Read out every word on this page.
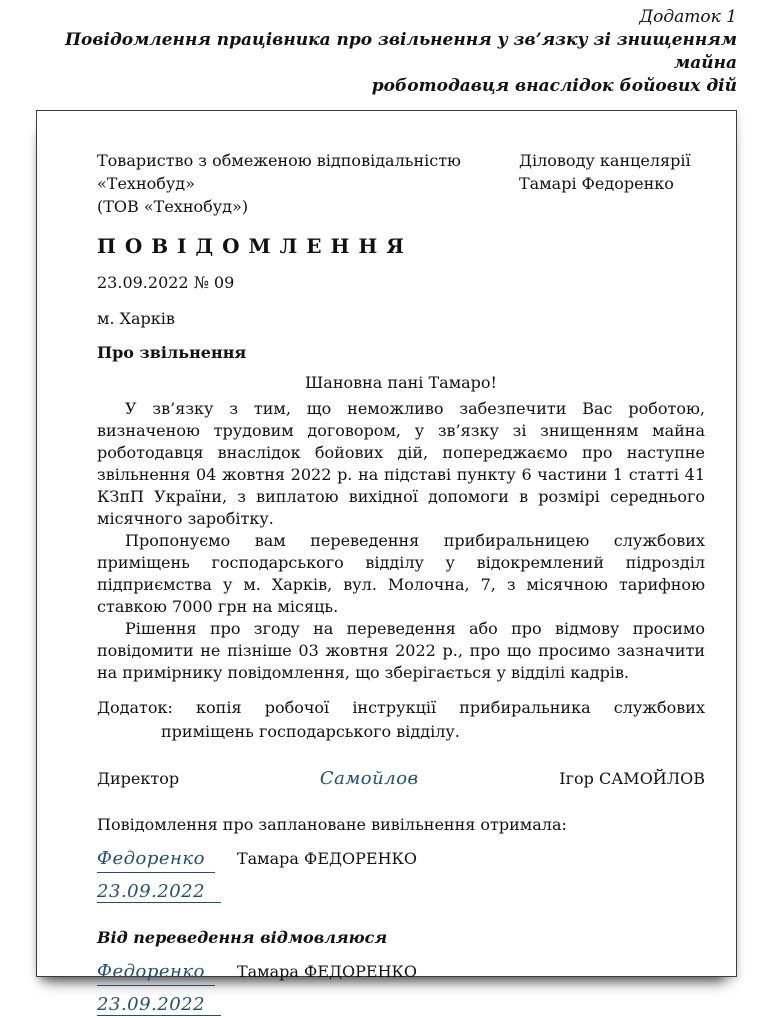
Додаток 1
Повідомлення працівника про звільнення у зв’язку зі знищенням майна
роботодавця внаслідок бойових дій
Товариство з обмеженою відповідальністю
«Технобуд»
(ТОВ «Технобуд»)
Діловоду канцелярії
Тамарі Федоренко
П О В І Д О М Л Е Н Н Я
23.09.2022 № 09
м. Харків
Про звільнення
Шановна пані Тамаро!

У зв’язку з тим, що неможливо забезпечити Вас роботою, визначеною трудовим договором, у зв’язку зі знищенням майна роботодавця внаслідок бойових дій, попереджаємо про наступне звільнення 04 жовтня 2022 р. на підставі пункту 6 частини 1 статті 41 КЗпП України, з виплатою вихідної допомоги в розмірі середнього місячного заробітку.

Пропонуємо вам переведення прибиральницею службових приміщень господарського відділу у відокремлений підрозділ підприємства у м. Харків, вул. Молочна, 7, з місячною тарифною ставкою 7000 грн на місяць.

Рішення про згоду на переведення або про відмову просимо повідомити не пізніше 03 жовтня 2022 р., про що просимо зазначити на примірнику повідомлення, що зберігається у відділі кадрів.

Додаток: копія робочої інструкції прибиральника службових приміщень господарського відділу.
Директор	Самойлов	Ігор САМОЙЛОВ
Повідомлення про заплановане вивільнення отримала:
Федоренко	Тамара ФЕДОРЕНКО
23.09.2022
Від переведення відмовляюся
Федоренко	Тамара ФЕДОРЕНКО
23.09.2022
